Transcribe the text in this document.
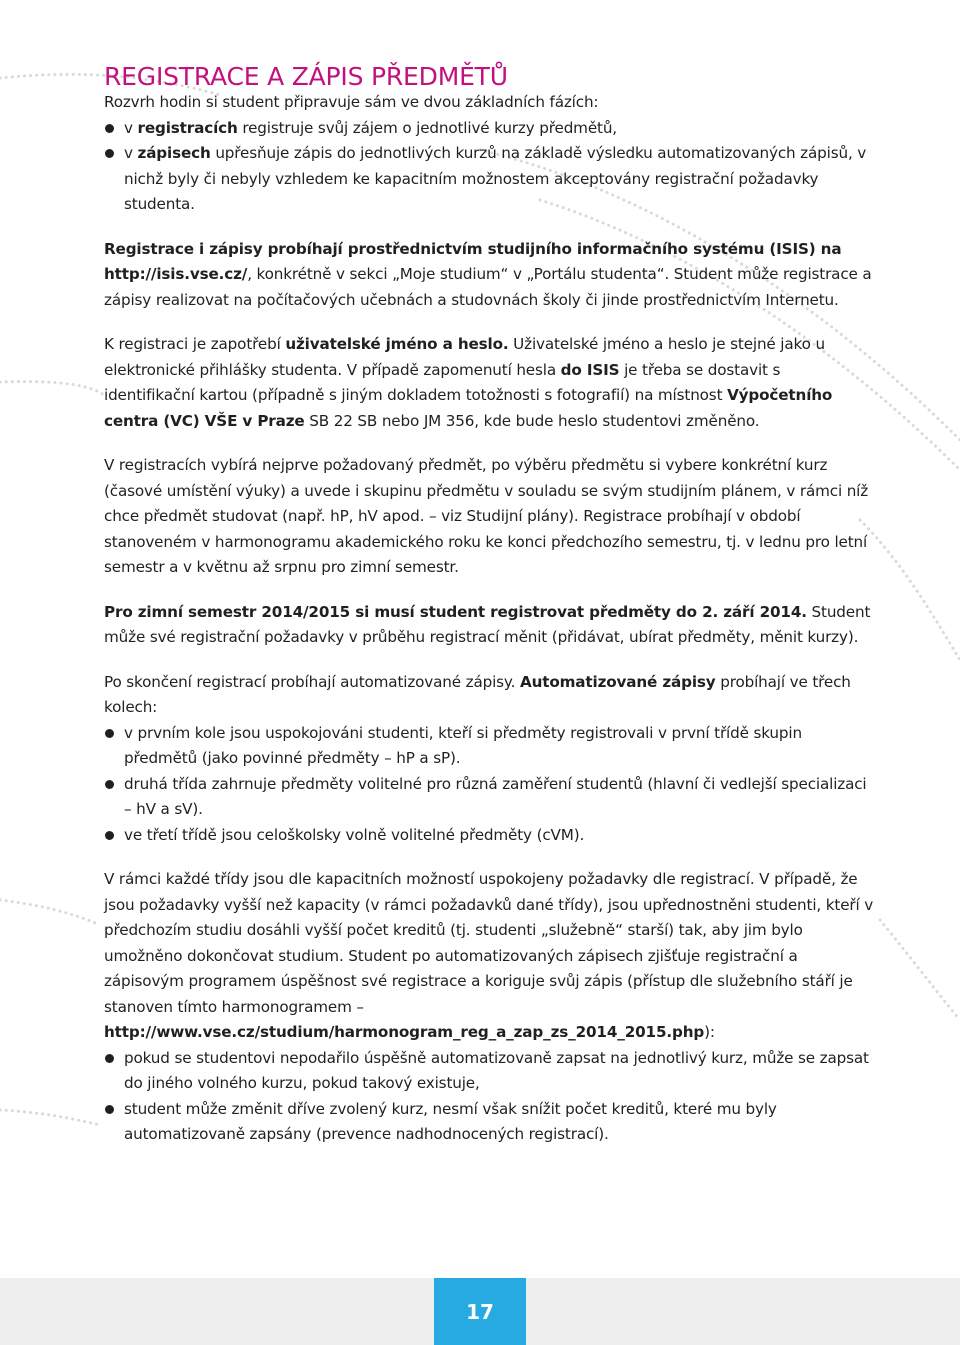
REGISTRACE A ZÁPIS PŘEDMĚTŮ

Rozvrh hodin si student připravuje sám ve dvou základních fázích:

v registracích registruje svůj zájem o jednotlivé kurzy předmětů,
v zápisech upřesňuje zápis do jednotlivých kurzů na základě výsledku automatizovaných zápisů, v nichž byly či nebyly vzhledem ke kapacitním možnostem akceptovány registrační požadavky studenta.

Registrace i zápisy probíhají prostřednictvím studijního informačního systému (ISIS) na http://isis.vse.cz/, konkrétně v sekci „Moje studium“ v „Portálu studenta“. Student může registrace a zápisy realizovat na počítačových učebnách a studovnách školy či jinde prostřednictvím Internetu.

K registraci je zapotřebí uživatelské jméno a heslo. Uživatelské jméno a heslo je stejné jako u elektronické přihlášky studenta. V případě zapomenutí hesla do ISIS je třeba se dostavit s identifikační kartou (případně s jiným dokladem totožnosti s fotografií) na místnost Výpočetního centra (VC) VŠE v Praze SB 22 SB nebo JM 356, kde bude heslo studentovi změněno.

V registracích vybírá nejprve požadovaný předmět, po výběru předmětu si vybere konkrétní kurz (časové umístění výuky) a uvede i skupinu předmětu v souladu se svým studijním plánem, v rámci níž chce předmět studovat (např. hP, hV apod. – viz Studijní plány). Registrace probíhají v období stanoveném v harmonogramu akademického roku ke konci předchozího semestru, tj. v lednu pro letní semestr a v květnu až srpnu pro zimní semestr.

Pro zimní semestr 2014/2015 si musí student registrovat předměty do 2. září 2014. Student může své registrační požadavky v průběhu registrací měnit (přidávat, ubírat předměty, měnit kurzy).

Po skončení registrací probíhají automatizované zápisy. Automatizované zápisy probíhají ve třech kolech:

v prvním kole jsou uspokojováni studenti, kteří si předměty registrovali v první třídě skupin předmětů (jako povinné předměty – hP a sP).
druhá třída zahrnuje předměty volitelné pro různá zaměření studentů (hlavní či vedlejší specializaci – hV a sV).
ve třetí třídě jsou celoškolsky volně volitelné předměty (cVM).

V rámci každé třídy jsou dle kapacitních možností uspokojeny požadavky dle registrací. V případě, že jsou požadavky vyšší než kapacity (v rámci požadavků dané třídy), jsou upřednostněni studenti, kteří v předchozím studiu dosáhli vyšší počet kreditů (tj. studenti „služebně“ starší) tak, aby jim bylo umožněno dokončovat studium. Student po automatizovaných zápisech zjišťuje registrační a zápisovým programem úspěšnost své registrace a koriguje svůj zápis (přístup dle služebního stáří je stanoven tímto harmonogramem – http://www.vse.cz/studium/harmonogram_reg_a_zap_zs_2014_2015.php):

pokud se studentovi nepodařilo úspěšně automatizovaně zapsat na jednotlivý kurz, může se zapsat do jiného volného kurzu, pokud takový existuje,
student může změnit dříve zvolený kurz, nesmí však snížit počet kreditů, které mu byly automatizovaně zapsány (prevence nadhodnocených registrací).
17
